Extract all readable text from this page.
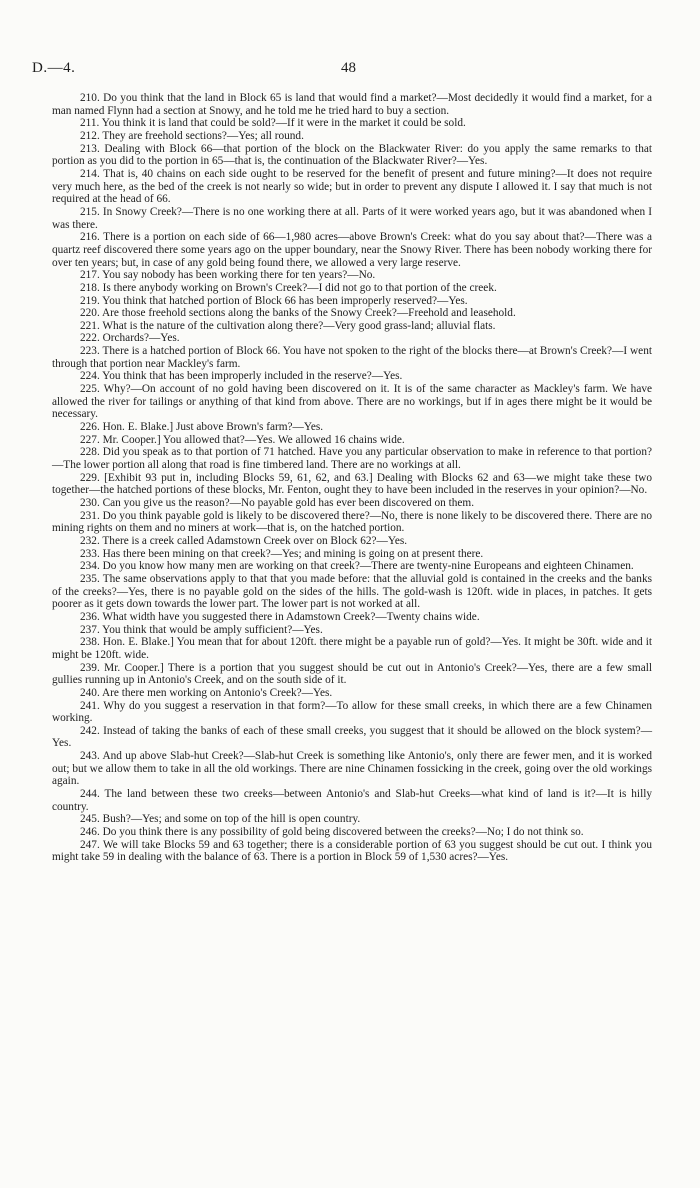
D.—4.	48

210. Do you think that the land in Block 65 is land that would find a market?—Most decidedly it would find a market, for a man named Flynn had a section at Snowy, and he told me he tried hard to buy a section.

211. You think it is land that could be sold?—If it were in the market it could be sold.

212. They are freehold sections?—Yes; all round.

213. Dealing with Block 66—that portion of the block on the Blackwater River: do you apply the same remarks to that portion as you did to the portion in 65—that is, the continuation of the Blackwater River?—Yes.

214. That is, 40 chains on each side ought to be reserved for the benefit of present and future mining?—It does not require very much here, as the bed of the creek is not nearly so wide; but in order to prevent any dispute I allowed it. I say that much is not required at the head of 66.

215. In Snowy Creek?—There is no one working there at all. Parts of it were worked years ago, but it was abandoned when I was there.

216. There is a portion on each side of 66—1,980 acres—above Brown's Creek: what do you say about that?—There was a quartz reef discovered there some years ago on the upper boundary, near the Snowy River. There has been nobody working there for over ten years; but, in case of any gold being found there, we allowed a very large reserve.

217. You say nobody has been working there for ten years?—No.

218. Is there anybody working on Brown's Creek?—I did not go to that portion of the creek.

219. You think that hatched portion of Block 66 has been improperly reserved?—Yes.

220. Are those freehold sections along the banks of the Snowy Creek?—Freehold and leasehold.

221. What is the nature of the cultivation along there?—Very good grass-land; alluvial flats.

222. Orchards?—Yes.

223. There is a hatched portion of Block 66. You have not spoken to the right of the blocks there—at Brown's Creek?—I went through that portion near Mackley's farm.

224. You think that has been improperly included in the reserve?—Yes.

225. Why?—On account of no gold having been discovered on it. It is of the same character as Mackley's farm. We have allowed the river for tailings or anything of that kind from above. There are no workings, but if in ages there might be it would be necessary.

226. Hon. E. Blake.] Just above Brown's farm?—Yes.

227. Mr. Cooper.] You allowed that?—Yes. We allowed 16 chains wide.

228. Did you speak as to that portion of 71 hatched. Have you any particular observation to make in reference to that portion?—The lower portion all along that road is fine timbered land. There are no workings at all.

229. [Exhibit 93 put in, including Blocks 59, 61, 62, and 63.] Dealing with Blocks 62 and 63—we might take these two together—the hatched portions of these blocks, Mr. Fenton, ought they to have been included in the reserves in your opinion?—No.

230. Can you give us the reason?—No payable gold has ever been discovered on them.

231. Do you think payable gold is likely to be discovered there?—No, there is none likely to be discovered there. There are no mining rights on them and no miners at work—that is, on the hatched portion.

232. There is a creek called Adamstown Creek over on Block 62?—Yes.

233. Has there been mining on that creek?—Yes; and mining is going on at present there.

234. Do you know how many men are working on that creek?—There are twenty-nine Europeans and eighteen Chinamen.

235. The same observations apply to that that you made before: that the alluvial gold is contained in the creeks and the banks of the creeks?—Yes, there is no payable gold on the sides of the hills. The gold-wash is 120ft. wide in places, in patches. It gets poorer as it gets down towards the lower part. The lower part is not worked at all.

236. What width have you suggested there in Adamstown Creek?—Twenty chains wide.

237. You think that would be amply sufficient?—Yes.

238. Hon. E. Blake.] You mean that for about 120ft. there might be a payable run of gold?—Yes. It might be 30ft. wide and it might be 120ft. wide.

239. Mr. Cooper.] There is a portion that you suggest should be cut out in Antonio's Creek?—Yes, there are a few small gullies running up in Antonio's Creek, and on the south side of it.

240. Are there men working on Antonio's Creek?—Yes.

241. Why do you suggest a reservation in that form?—To allow for these small creeks, in which there are a few Chinamen working.

242. Instead of taking the banks of each of these small creeks, you suggest that it should be allowed on the block system?—Yes.

243. And up above Slab-hut Creek?—Slab-hut Creek is something like Antonio's, only there are fewer men, and it is worked out; but we allow them to take in all the old workings. There are nine Chinamen fossicking in the creek, going over the old workings again.

244. The land between these two creeks—between Antonio's and Slab-hut Creeks—what kind of land is it?—It is hilly country.

245. Bush?—Yes; and some on top of the hill is open country.

246. Do you think there is any possibility of gold being discovered between the creeks?—No; I do not think so.

247. We will take Blocks 59 and 63 together; there is a considerable portion of 63 you suggest should be cut out. I think you might take 59 in dealing with the balance of 63. There is a portion in Block 59 of 1,530 acres?—Yes.
